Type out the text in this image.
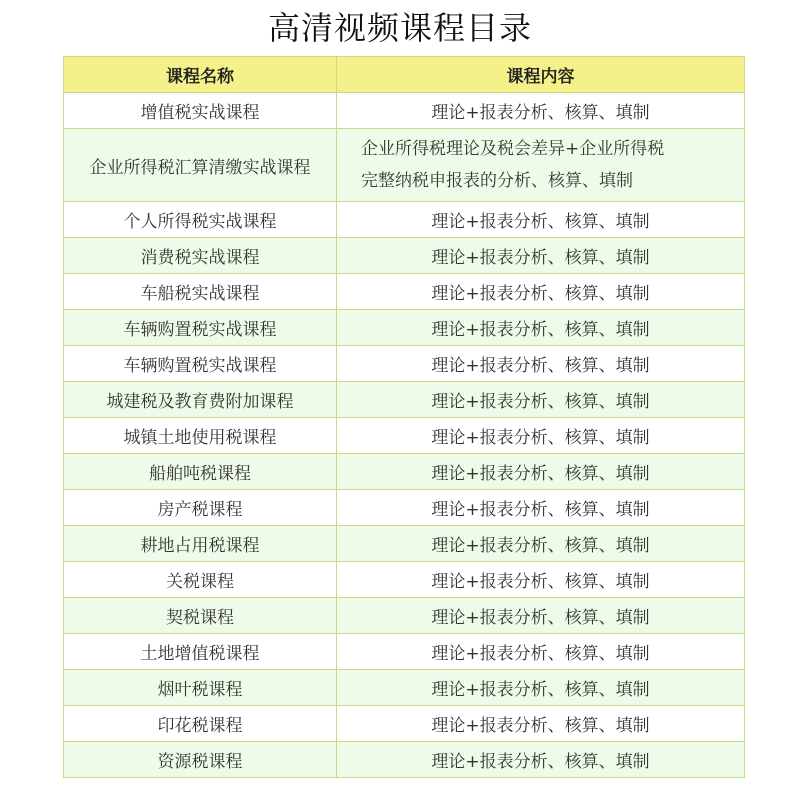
高清视频课程目录
课程名称	课程内容
增值税实战课程	理论+报表分析、核算、填制
企业所得税汇算清缴实战课程	企业所得税理论及税会差异+企业所得税
完整纳税申报表的分析、核算、填制

个人所得税实战课程	理论+报表分析、核算、填制
消费税实战课程	理论+报表分析、核算、填制
车船税实战课程	理论+报表分析、核算、填制
车辆购置税实战课程	理论+报表分析、核算、填制
车辆购置税实战课程	理论+报表分析、核算、填制
城建税及教育费附加课程	理论+报表分析、核算、填制
城镇土地使用税课程	理论+报表分析、核算、填制
船舶吨税课程	理论+报表分析、核算、填制
房产税课程	理论+报表分析、核算、填制
耕地占用税课程	理论+报表分析、核算、填制
关税课程	理论+报表分析、核算、填制
契税课程	理论+报表分析、核算、填制
土地增值税课程	理论+报表分析、核算、填制
烟叶税课程	理论+报表分析、核算、填制
印花税课程	理论+报表分析、核算、填制
资源税课程	理论+报表分析、核算、填制
